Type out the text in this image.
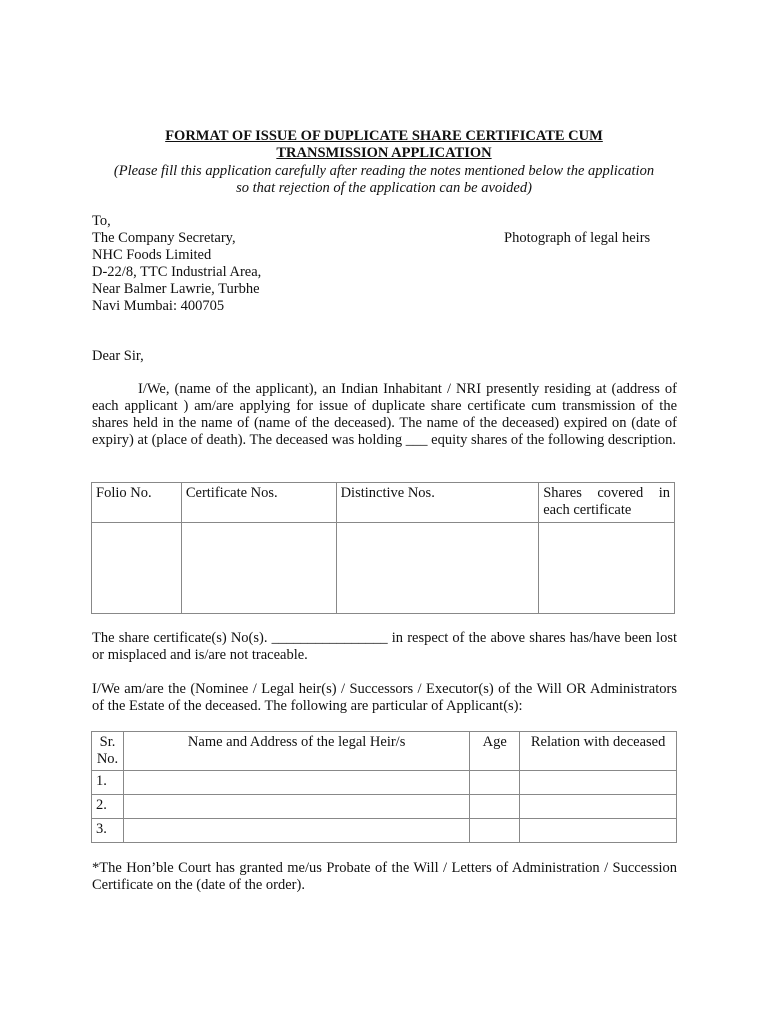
FORMAT OF ISSUE OF DUPLICATE SHARE CERTIFICATE CUM
TRANSMISSION APPLICATION
(Please fill this application carefully after reading the notes mentioned below the application
so that rejection of the application can be avoided)
To,
The Company Secretary,
NHC Foods Limited
D-22/8, TTC Industrial Area,
Near Balmer Lawrie, Turbhe
Navi Mumbai: 400705
Photograph of legal heirs
Dear Sir,

I/We, (name of the applicant), an Indian Inhabitant / NRI presently residing at (address of each applicant ) am/are applying for issue of duplicate share certificate cum transmission of the shares held in the name of (name of the deceased). The name of the deceased) expired on (date of expiry) at (place of death). The deceased was holding ___ equity shares of the following description.

Folio No.	Certificate Nos.	Distinctive Nos.	Shares covered in each certificate

The share certificate(s) No(s). ________________ in respect of the above shares has/have been lost or misplaced and is/are not traceable.

I/We am/are the (Nominee / Legal heir(s) / Successors / Executor(s) of the Will OR Administrators of the Estate of the deceased. The following are particular of Applicant(s):

Sr. No.	Name and Address of the legal Heir/s	Age	Relation with deceased
1.			
2.			
3.			

*The Hon’ble Court has granted me/us Probate of the Will / Letters of Administration / Succession Certificate on the (date of the order).
